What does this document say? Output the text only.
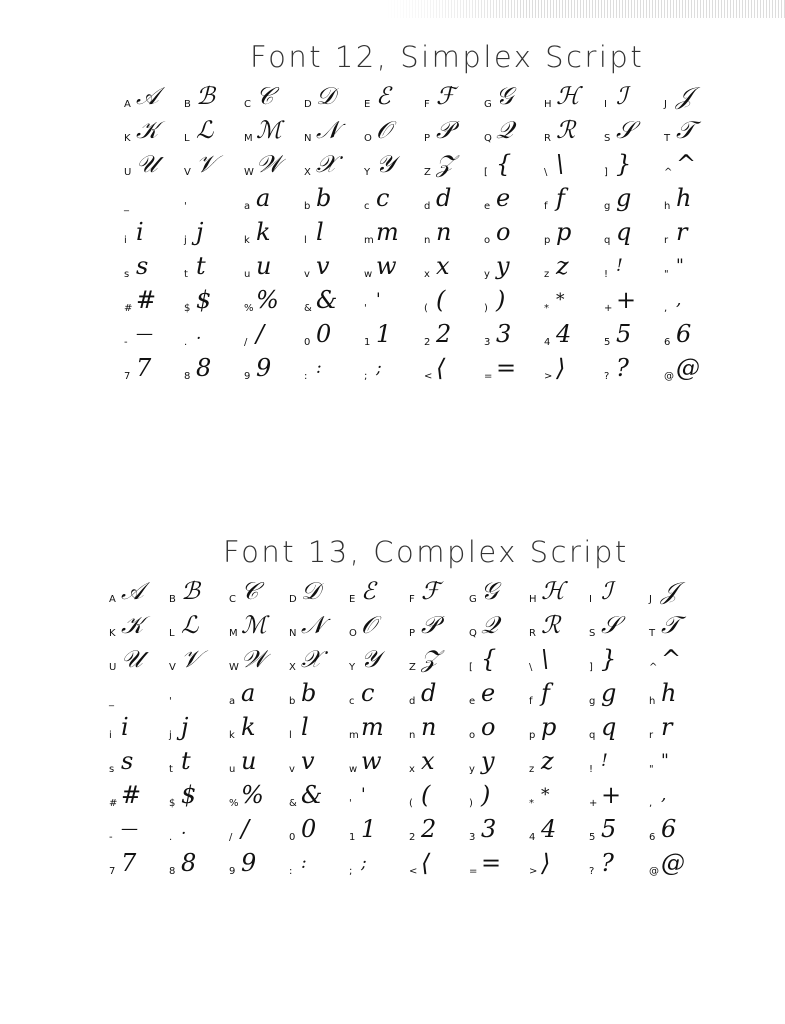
Font 12, Simplex Script
A 𝒜	B ℬ	C 𝒞	D 𝒟	E ℰ	F ℱ	G 𝒢	H ℋ I ℐ	J 𝒥
K 𝒦	L ℒ	M ℳ N 𝒩	O 𝒪	P 𝒫	Q 𝒬	R ℛ	S 𝒮	T 𝒯
U 𝒰	V 𝒱	W 𝒲 X 𝒳	Y 𝒴	Z 𝒵	[ {	\ \	] }	^ ^
_	'	a a	b b	c c	d d	e e	f f	g g	h h
i i	j j	k k	l l	m m	n n	o o	p p	q q	r r
s s	t t	u u	v v	w w	x x	y y	z z	! !	" "
# #	$ $	% %	& &	' '	( (	) )	* *	+ +	, ,
- —	. .	/ /	0 0	1 1	2 2	3 3	4 4	5 5	6 6
7 7	8 8	9 9	: :	; ;	< ⟨	= =	> ⟩	? ?	@ @
Font 13, Complex Script
A 𝒜	B ℬ	C 𝒞	D 𝒟	E ℰ	F ℱ	G 𝒢	H ℋ I ℐ	J 𝒥
K 𝒦	L ℒ	M ℳ N 𝒩	O 𝒪	P 𝒫	Q 𝒬	R ℛ	S 𝒮	T 𝒯
U 𝒰	V 𝒱	W 𝒲 X 𝒳	Y 𝒴	Z 𝒵	[ {	\ \	] }	^ ^
_	'	a a	b b	c c	d d	e e	f f	g g	h h
i i	j j	k k	l l	m m	n n	o o	p p	q q	r r
s s	t t	u u	v v	w w	x x	y y	z z	! !	" "
# #	$ $	% %	& &	' '	( (	) )	* *	+ +	, ,
- —	. .	/ /	0 0	1 1	2 2	3 3	4 4	5 5	6 6
7 7	8 8	9 9	: :	; ;	< ⟨	= =	> ⟩	? ?	@ @
